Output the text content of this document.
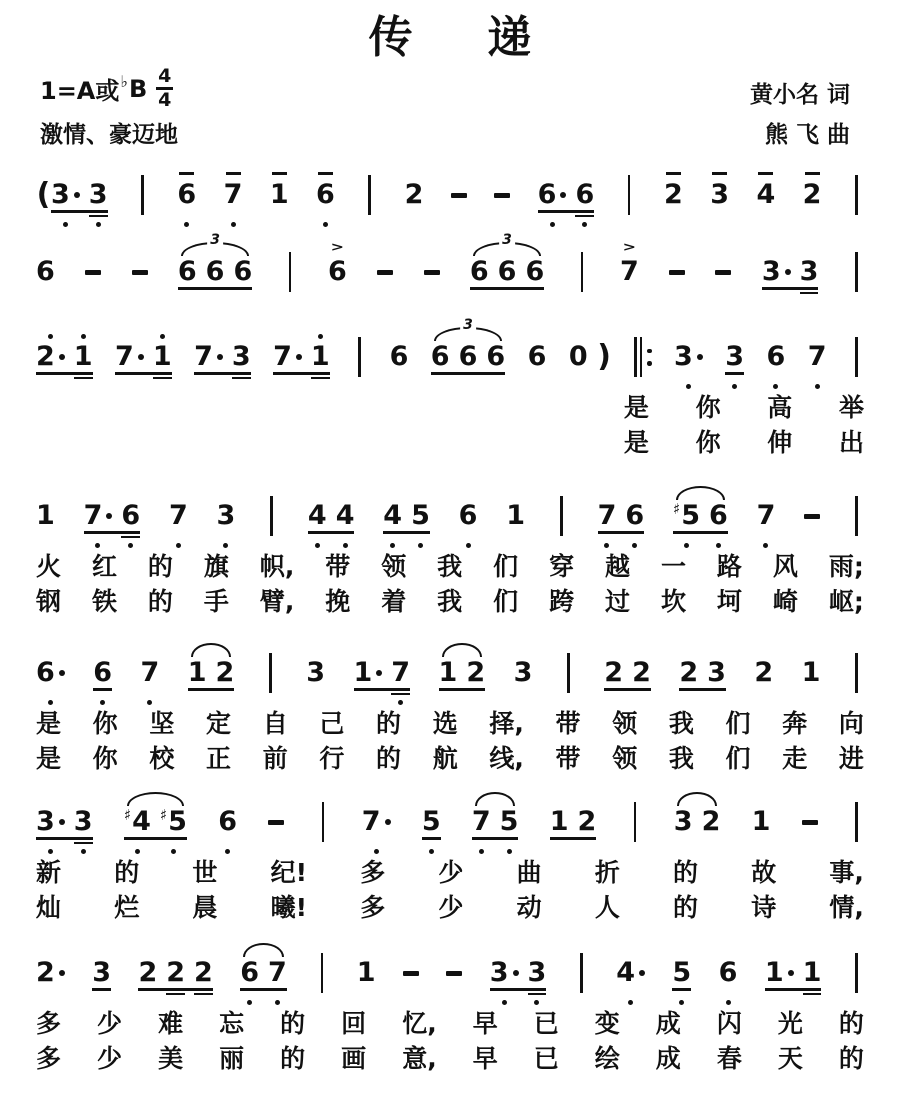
传递
1=A或 ♭ B $\frac{4}{4}$
激情、豪迈地
黄小名 词
熊 飞 曲
( 3 3	6 7 1 6	2	6 6	2 3 4 2
6	6 6 6
3	>
6	6 6 6
3	>
7	3 3
2 1 7 1 7 3 7 1 6 6 6 6
3
6 0 ) 3 3 6 7
是 你 高 举
是 你 伸 出
1 7 6 7 3	4 4 4 5 6 1	7 6 ♯ 5 6 7
火 红 的 旗 帜, 带 领 我 们 穿 越 一 路 风 雨;
钢 铁 的 手 臂, 挽 着 我 们 跨 过 坎 坷 崎 岖;
6 6 7 1 2	3 1 7 1 2 3	2 2 2 3 2 1
是 你 坚 定 自 己 的 选 择, 带 领 我 们 奔 向
是 你 校 正 前 行 的 航 线, 带 领 我 们 走 进
3 3 ♯ 4 ♯ 5 6	7 5 7 5 1 2	3 2 1
新 的 世 纪! 多 少 曲 折 的 故 事,
灿 烂 晨 曦! 多 少 动 人 的 诗 情,
2 3 2 2 2 6 7	1	3 3	4 5 6 1 1
多 少 难 忘 的 回 忆, 早 已 变 成 闪 光 的
多 少 美 丽 的 画 意, 早 已 绘 成 春 天 的
